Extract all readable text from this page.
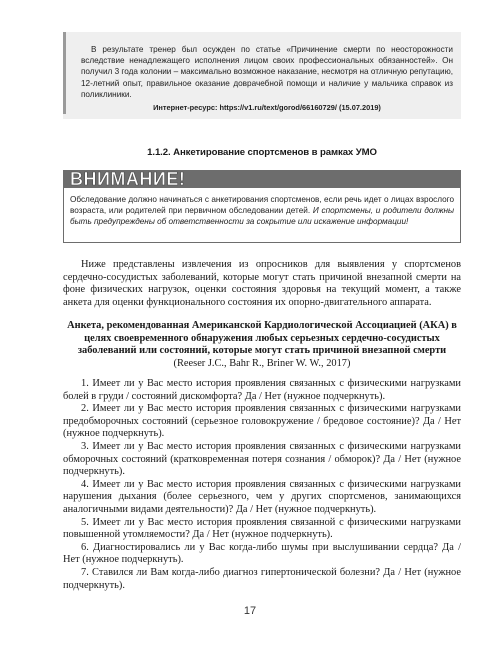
В результате тренер был осужден по статье «Причинение смерти по неосторожности вследствие ненадлежащего исполнения лицом своих профессиональных обязанностей». Он получил 3 года колонии – максимально возможное наказание, несмотря на отличную репутацию, 12-летний опыт, правильное оказание доврачебной помощи и наличие у мальчика справок из поликлиники.

Интернет-ресурс: https://v1.ru/text/gorod/66160729/ (15.07.2019)

1.1.2. Анкетирование спортсменов в рамках УМО
ВНИМАНИЕ!
Обследование должно начинаться с анкетирования спортсменов, если речь идет о лицах взрослого возраста, или родителей при первичном обследовании детей. И спортсмены, и родители должны быть предупреждены об ответственности за сокрытие или искажение информации!

Ниже представлены извлечения из опросников для выявления у спортсменов сердечно-сосудистых заболеваний, которые могут стать причиной внезапной смерти на фоне физических нагрузок, оценки состояния здоровья на текущий момент, а также анкета для оценки функционального состояния их опорно-двигательного аппарата.

Анкета, рекомендованная Американской Кардиологической Ассоциацией (АКА) в целях своевременного обнаружения любых серьезных сердечно-сосудистых заболеваний или состояний, которые могут стать причиной внезапной смерти
(Reeser J.C., Bahr R., Briner W. W., 2017)

1. Имеет ли у Вас место история проявления связанных с физическими нагрузками болей в груди / состояний дискомфорта? Да / Нет (нужное подчеркнуть).
2. Имеет ли у Вас место история проявления связанных с физическими нагрузками предобморочных состояний (серьезное головокружение / бредовое состояние)? Да / Нет (нужное подчеркнуть).
3. Имеет ли у Вас место история проявления связанных с физическими нагрузками обморочных состояний (кратковременная потеря сознания / обморок)? Да / Нет (нужное подчеркнуть).
4. Имеет ли у Вас место история проявления связанных с физическими нагрузками нарушения дыхания (более серьезного, чем у других спортсменов, занимающихся аналогичными видами деятельности)? Да / Нет (нужное подчеркнуть).
5. Имеет ли у Вас место история проявления связанной с физическими нагрузками повышенной утомляемости? Да / Нет (нужное подчеркнуть).
6. Диагностировались ли у Вас когда-либо шумы при выслушивании сердца? Да / Нет (нужное подчеркнуть).
7. Ставился ли Вам когда-либо диагноз гипертонической болезни? Да / Нет (нужное подчеркнуть).
17
